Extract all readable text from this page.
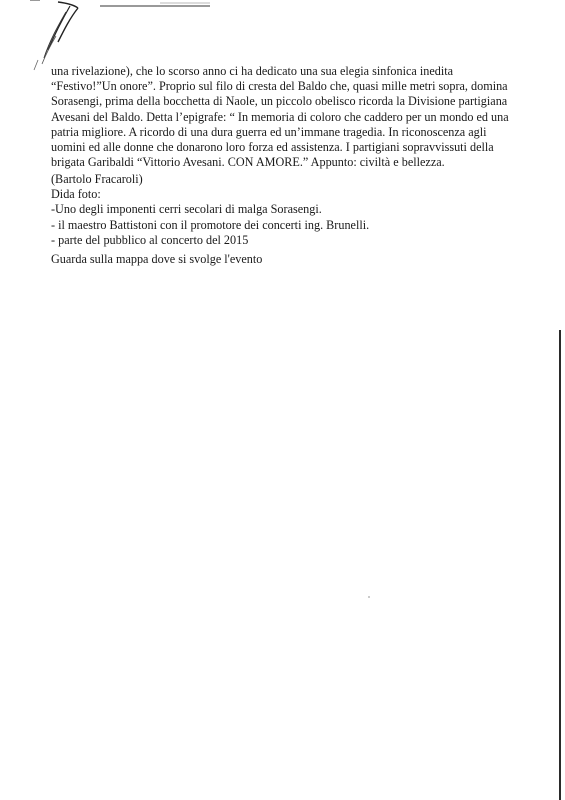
una rivelazione), che lo scorso anno ci ha dedicato una sua elegia sinfonica inedita “Festivo!”Un onore”. Proprio sul filo di cresta del Baldo che, quasi mille metri sopra, domina Sorasengi, prima della bocchetta di Naole, un piccolo obelisco ricorda la Divisione partigiana Avesani del Baldo. Detta l’epigrafe: “ In memoria di coloro che caddero per un mondo ed una patria migliore. A ricordo di una dura guerra ed un’immane tragedia. In riconoscenza agli uomini ed alle donne che donarono loro forza ed assistenza. I partigiani sopravvissuti della brigata Garibaldi “Vittorio Avesani. CON AMORE.” Appunto: civiltà e bellezza.

(Bartolo Fracaroli)
Dida foto:
-Uno degli imponenti cerri secolari di malga Sorasengi.
- il maestro Battistoni con il promotore dei concerti ing. Brunelli.
- parte del pubblico al concerto del 2015
Guarda sulla mappa dove si svolge l'evento
